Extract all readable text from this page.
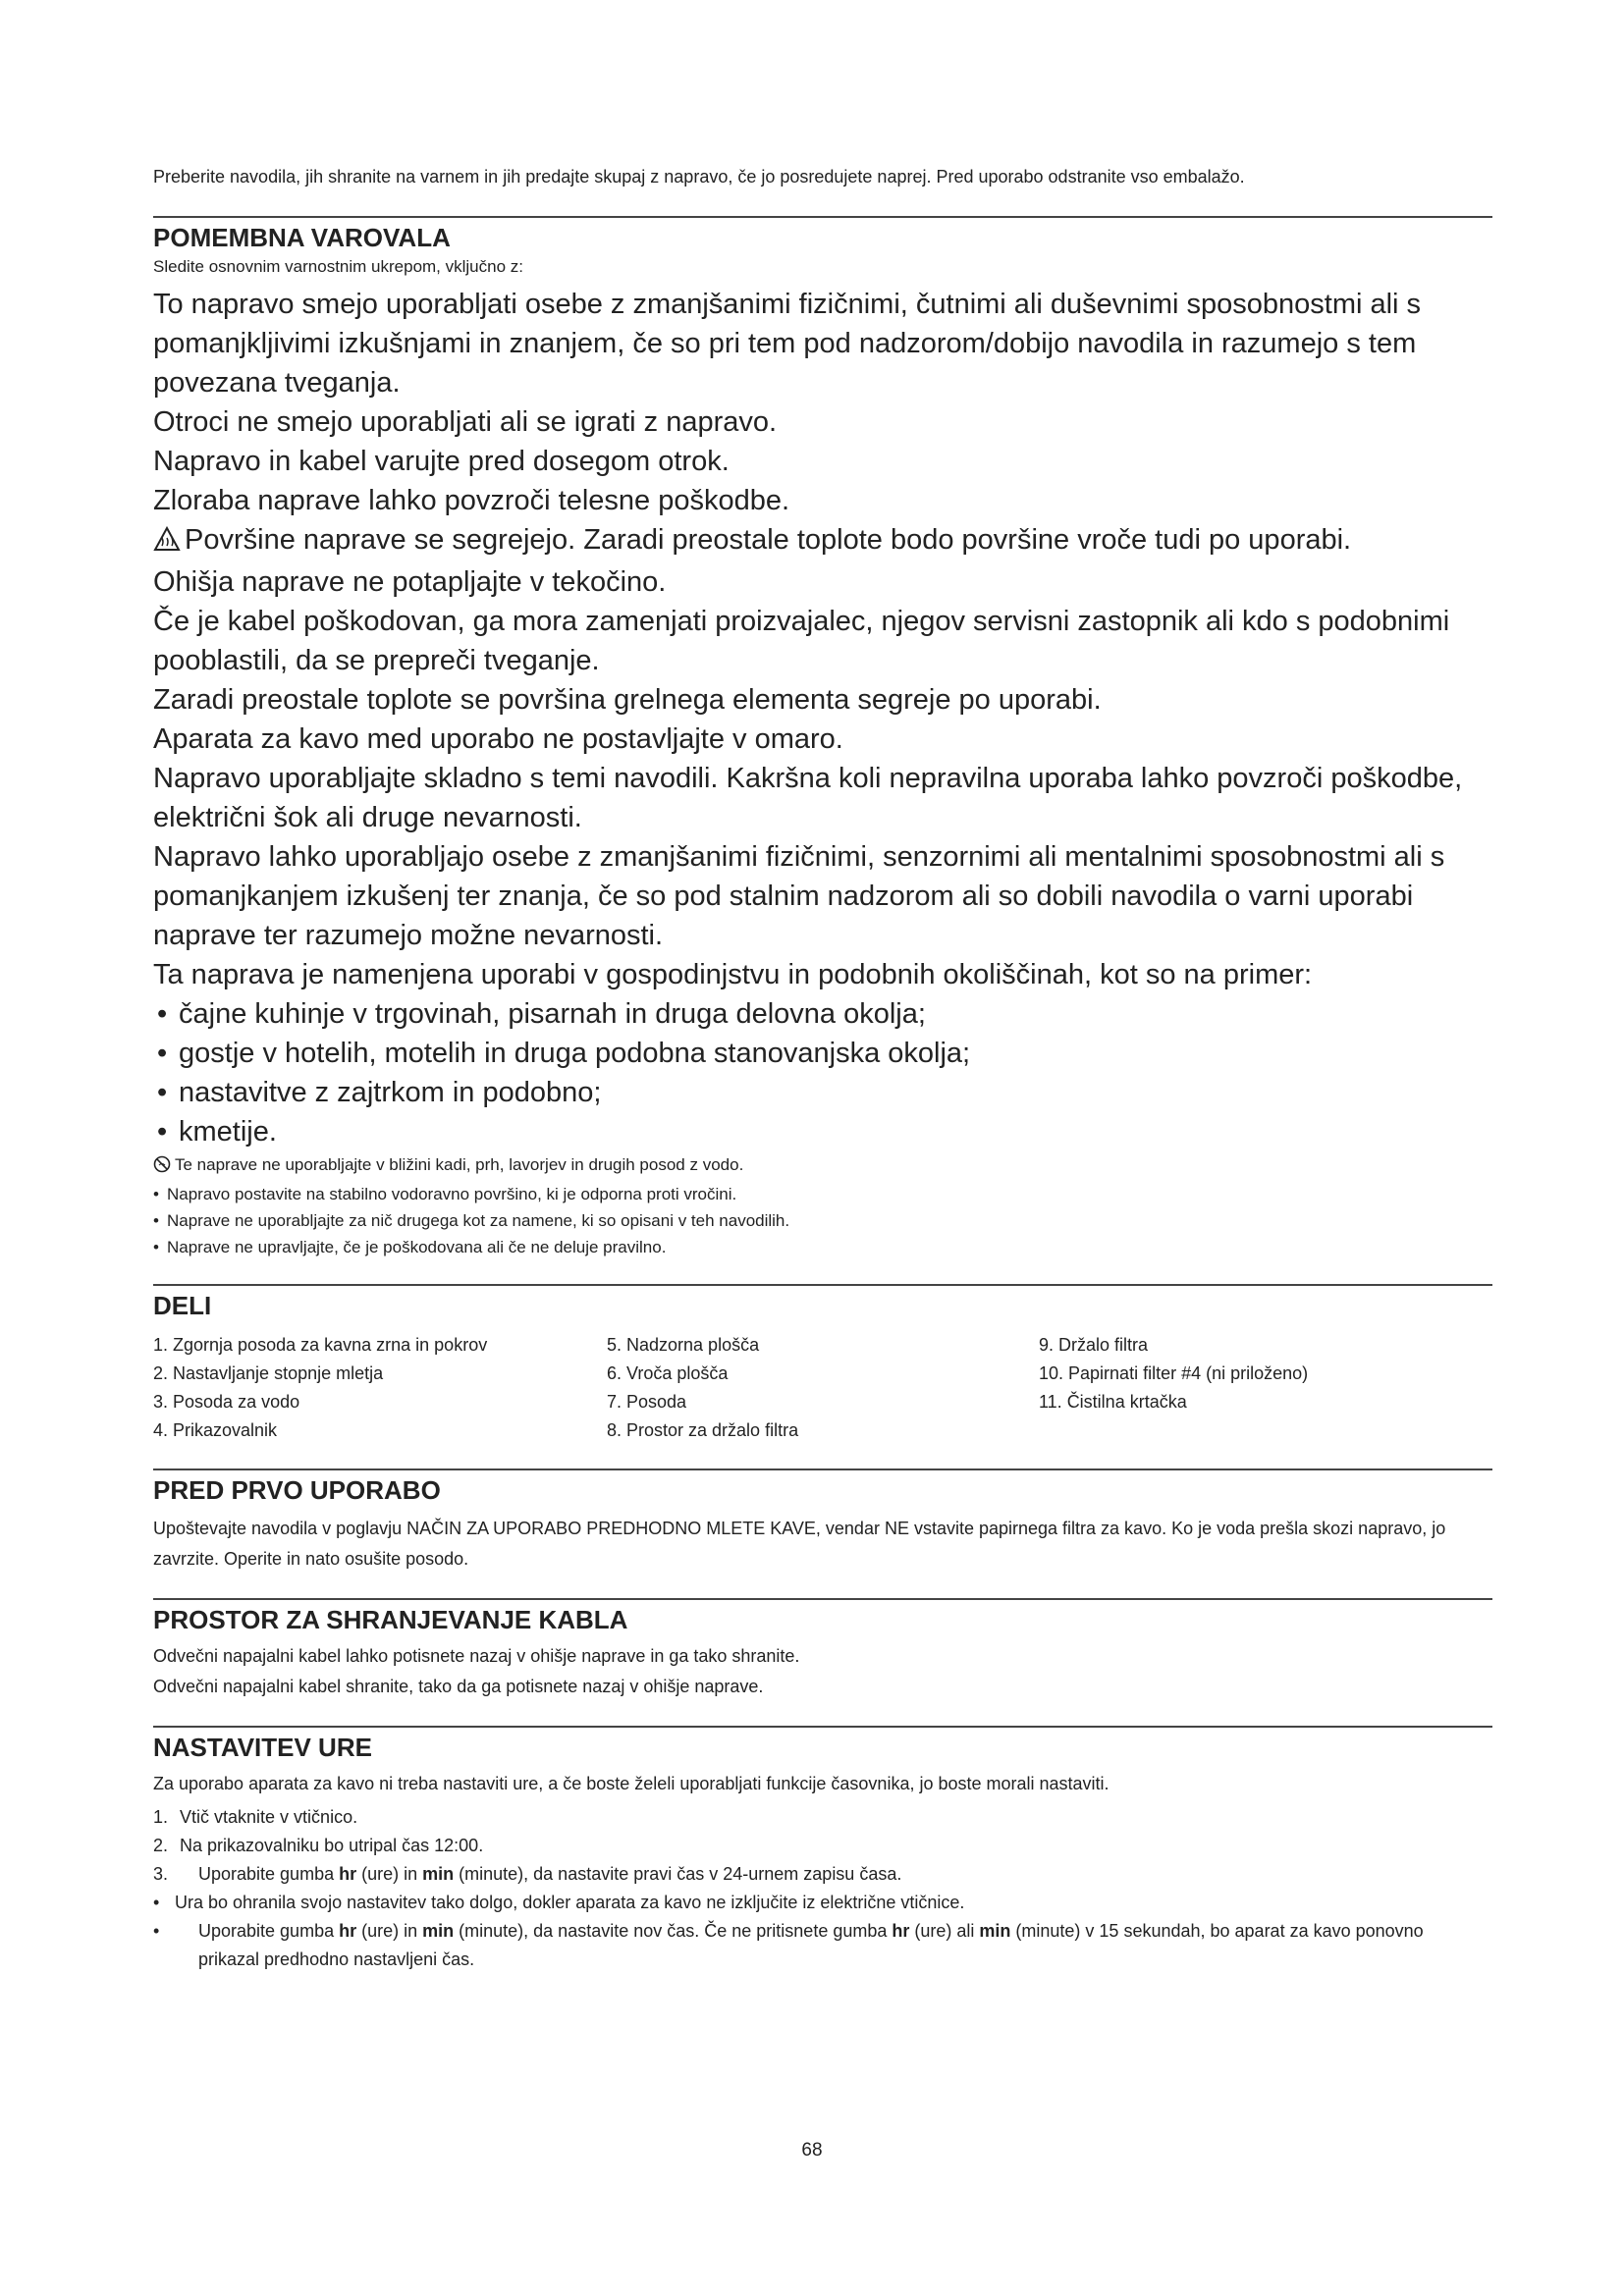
Preberite navodila, jih shranite na varnem in jih predajte skupaj z napravo, če jo posredujete naprej. Pred uporabo odstranite vso embalažo.

POMEMBNA VAROVALA

Sledite osnovnim varnostnim ukrepom, vključno z:

To napravo smejo uporabljati osebe z zmanjšanimi fizičnimi, čutnimi ali duševnimi sposobnostmi ali s pomanjkljivimi izkušnjami in znanjem, če so pri tem pod nadzorom/dobijo navodila in razumejo s tem povezana tveganja.

Otroci ne smejo uporabljati ali se igrati z napravo.

Napravo in kabel varujte pred dosegom otrok.

Zloraba naprave lahko povzroči telesne poškodbe.

Površine naprave se segrejejo. Zaradi preostale toplote bodo površine vroče tudi po uporabi.

Ohišja naprave ne potapljajte v tekočino.

Če je kabel poškodovan, ga mora zamenjati proizvajalec, njegov servisni zastopnik ali kdo s podobnimi pooblastili, da se prepreči tveganje.

Zaradi preostale toplote se površina grelnega elementa segreje po uporabi.

Aparata za kavo med uporabo ne postavljajte v omaro.

Napravo uporabljajte skladno s temi navodili. Kakršna koli nepravilna uporaba lahko povzroči poškodbe, električni šok ali druge nevarnosti.

Napravo lahko uporabljajo osebe z zmanjšanimi fizičnimi, senzornimi ali mentalnimi sposobnostmi ali s pomanjkanjem izkušenj ter znanja, če so pod stalnim nadzorom ali so dobili navodila o varni uporabi naprave ter razumejo možne nevarnosti.

Ta naprava je namenjena uporabi v gospodinjstvu in podobnih okoliščinah, kot so na primer:

• čajne kuhinje v trgovinah, pisarnah in druga delovna okolja;

• gostje v hotelih, motelih in druga podobna stanovanjska okolja;

• nastavitve z zajtrkom in podobno;

• kmetije.

Te naprave ne uporabljajte v bližini kadi, prh, lavorjev in drugih posod z vodo.

• Napravo postavite na stabilno vodoravno površino, ki je odporna proti vročini.

• Naprave ne uporabljajte za nič drugega kot za namene, ki so opisani v teh navodilih.

• Naprave ne upravljajte, če je poškodovana ali če ne deluje pravilno.

DELI
1. Zgornja posoda za kavna zrna in pokrov
2. Nastavljanje stopnje mletja
3. Posoda za vodo
4. Prikazovalnik
5. Nadzorna plošča
6. Vroča plošča
7. Posoda
8. Prostor za držalo filtra
9. Držalo filtra
10. Papirnati filter #4 (ni priloženo)
11. Čistilna krtačka
PRED PRVO UPORABO

Upoštevajte navodila v poglavju NAČIN ZA UPORABO PREDHODNO MLETE KAVE, vendar NE vstavite papirnega filtra za kavo. Ko je voda prešla skozi napravo, jo zavrzite. Operite in nato osušite posodo.

PROSTOR ZA SHRANJEVANJE KABLA

Odvečni napajalni kabel lahko potisnete nazaj v ohišje naprave in ga tako shranite.

Odvečni napajalni kabel shranite, tako da ga potisnete nazaj v ohišje naprave.

NASTAVITEV URE

Za uporabo aparata za kavo ni treba nastaviti ure, a če boste želeli uporabljati funkcije časovnika, jo boste morali nastaviti.

1. Vtič vtaknite v vtičnico.
2. Na prikazovalniku bo utripal čas 12:00.
3. Uporabite gumba hr (ure) in min (minute), da nastavite pravi čas v 24-urnem zapisu časa.
• Ura bo ohranila svojo nastavitev tako dolgo, dokler aparata za kavo ne izključite iz električne vtičnice.
•	Uporabite gumba hr (ure) in min (minute), da nastavite nov čas. Če ne pritisnete gumba hr (ure) ali min (minute) v 15 sekundah, bo aparat za kavo ponovno prikazal predhodno nastavljeni čas.
68
